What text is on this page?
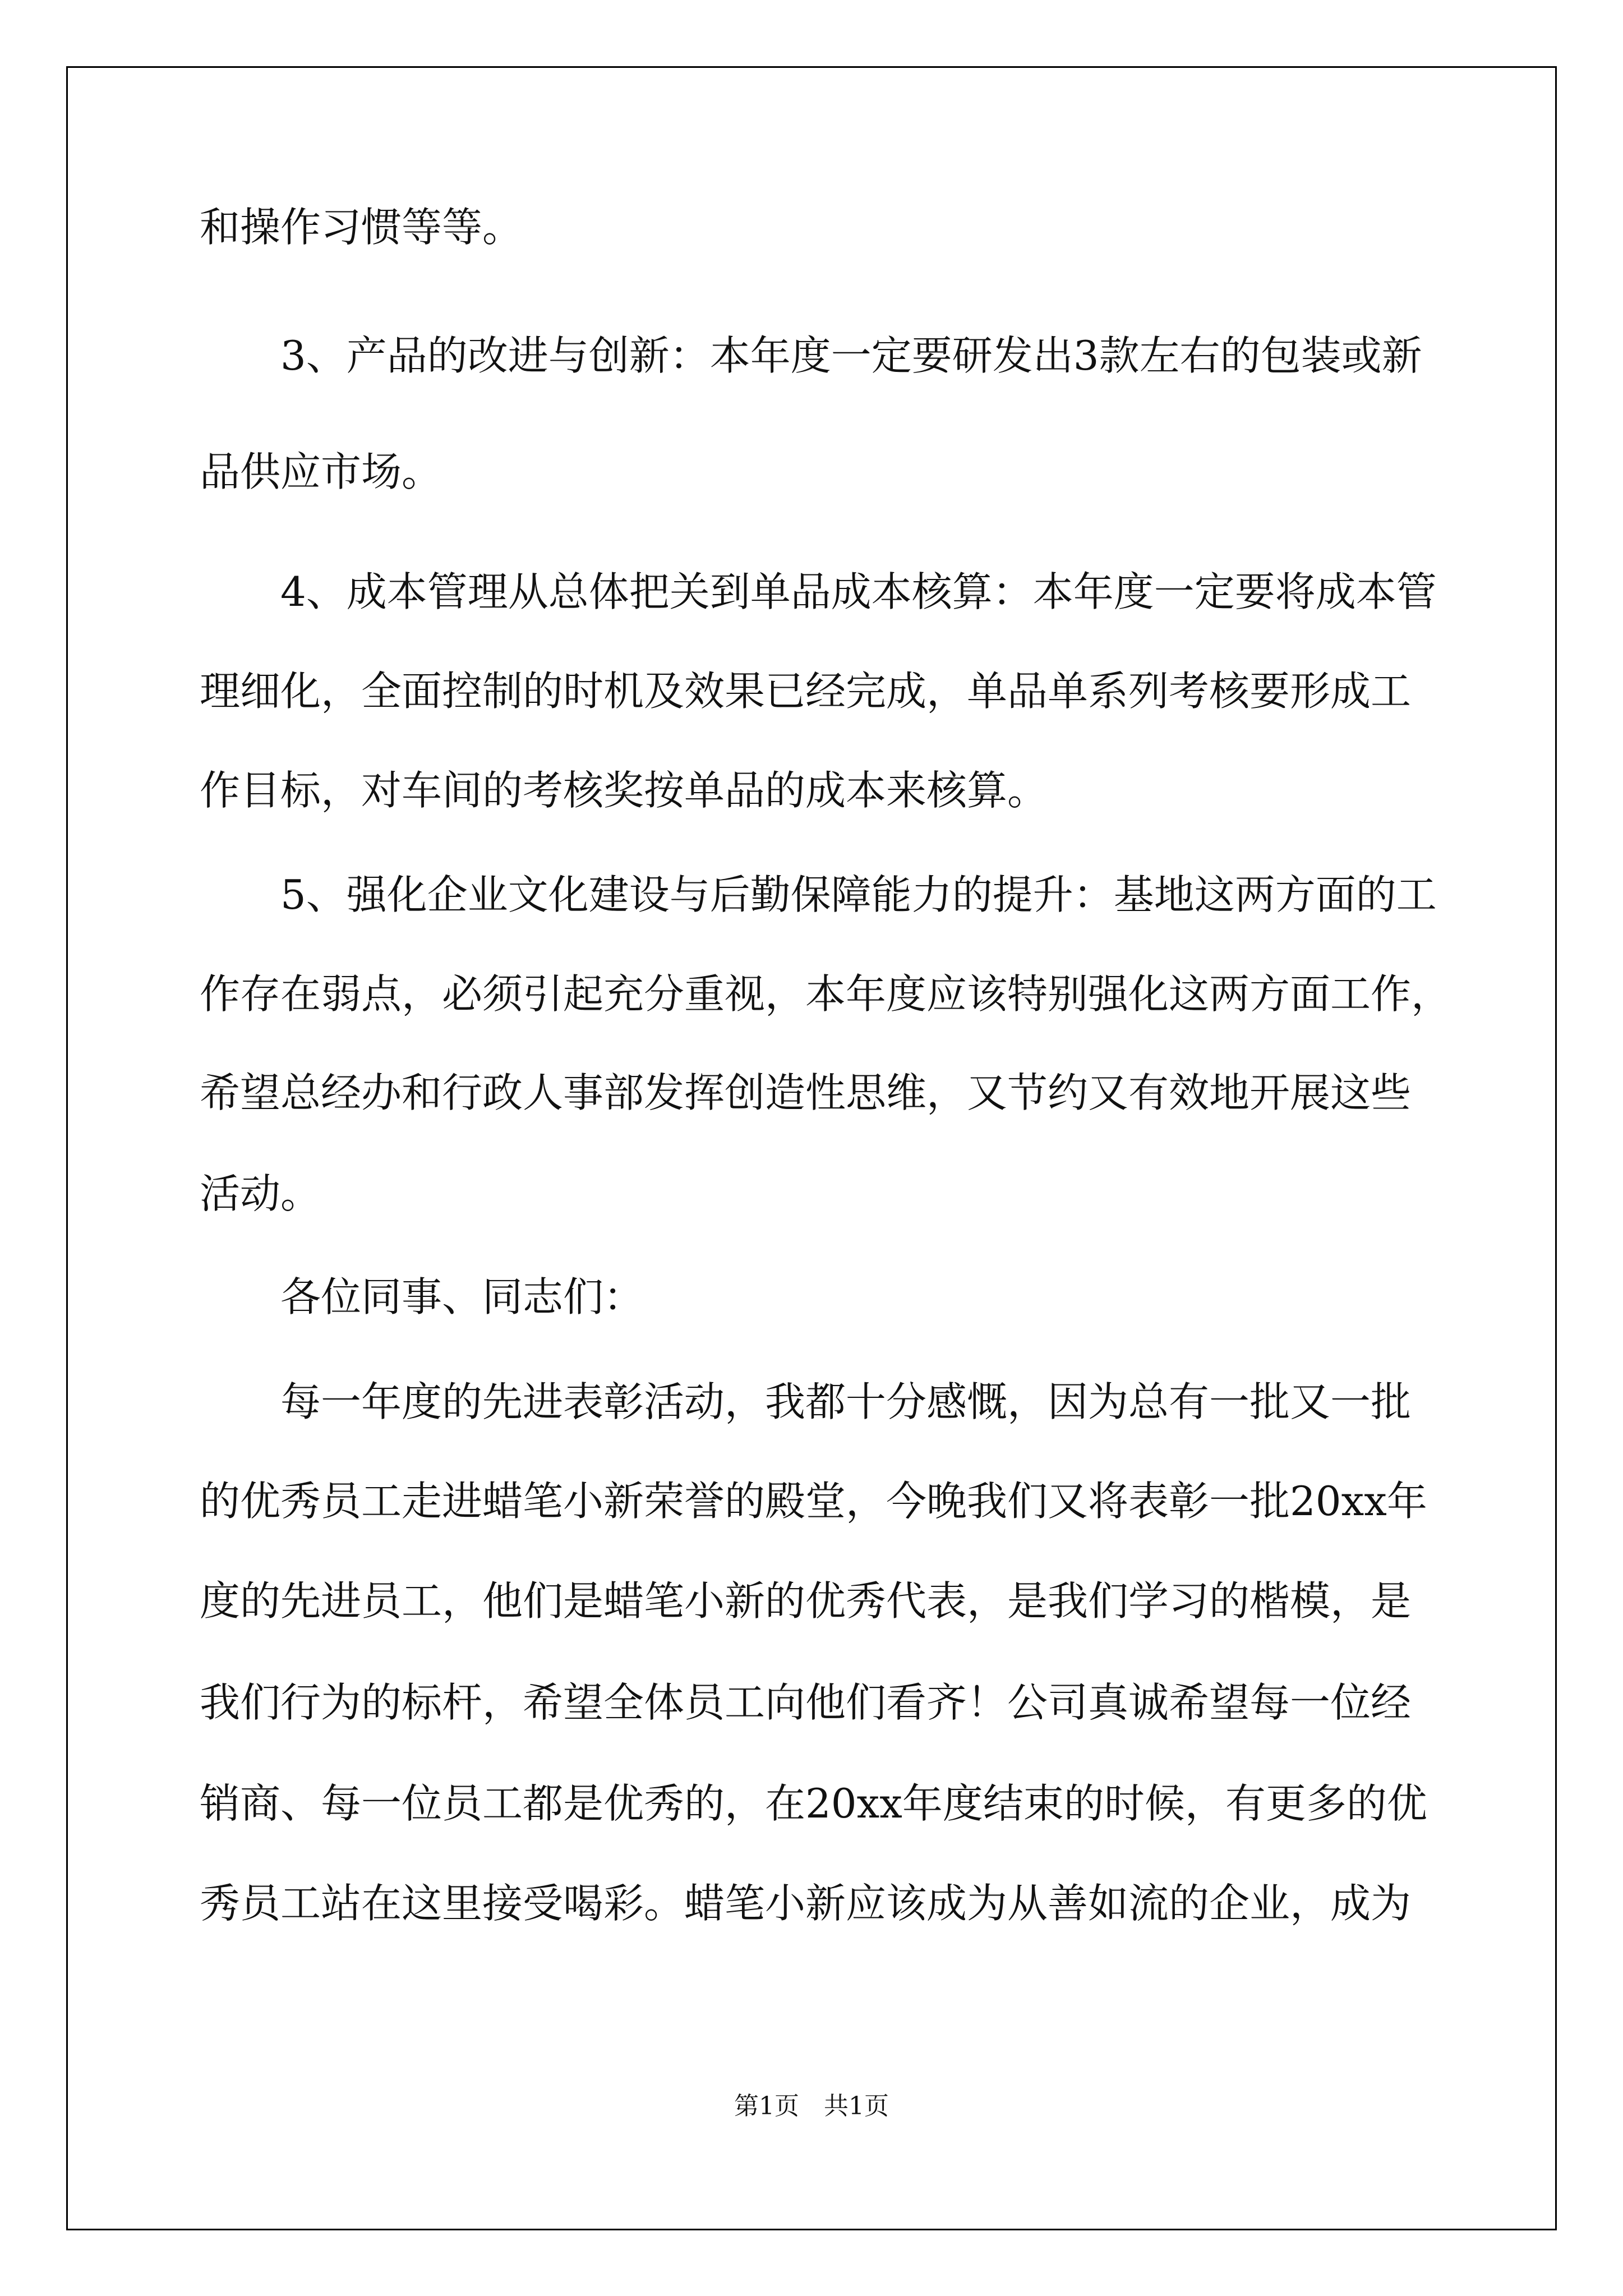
和操作习惯等等。
　　3、产品的改进与创新：本年度一定要研发出3款左右的包装或新
品供应市场。
　　4、成本管理从总体把关到单品成本核算：本年度一定要将成本管
理细化，全面控制的时机及效果已经完成，单品单系列考核要形成工
作目标，对车间的考核奖按单品的成本来核算。
　　5、强化企业文化建设与后勤保障能力的提升：基地这两方面的工
作存在弱点，必须引起充分重视，本年度应该特别强化这两方面工作，
希望总经办和行政人事部发挥创造性思维，又节约又有效地开展这些
活动。
　　各位同事、同志们：
　　每一年度的先进表彰活动，我都十分感慨，因为总有一批又一批
的优秀员工走进蜡笔小新荣誉的殿堂，今晚我们又将表彰一批20xx年
度的先进员工，他们是蜡笔小新的优秀代表，是我们学习的楷模，是
我们行为的标杆，希望全体员工向他们看齐！公司真诚希望每一位经
销商、每一位员工都是优秀的，在20xx年度结束的时候，有更多的优
秀员工站在这里接受喝彩。蜡笔小新应该成为从善如流的企业，成为
第1页　共1页
